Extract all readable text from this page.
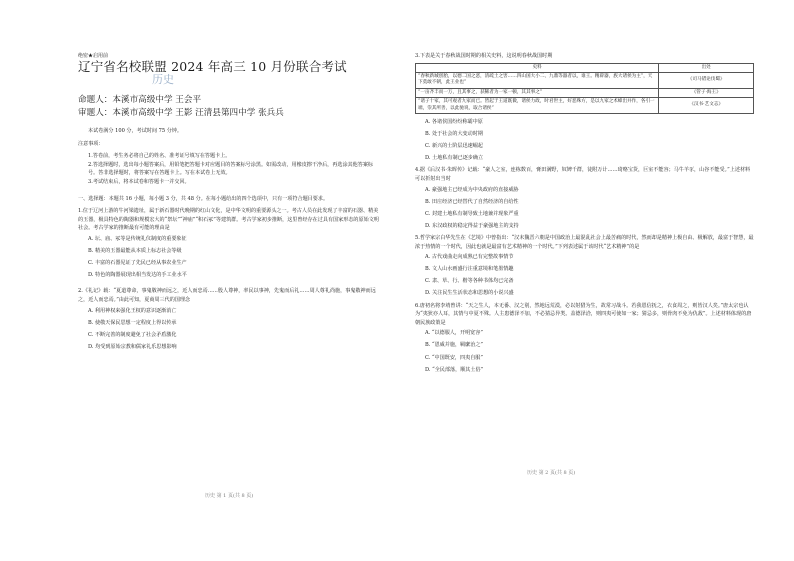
绝密★启用前
辽宁省名校联盟 2024 年高三 10 月份联合考试
历史
命题人：本溪市高级中学 王会平
审题人：本溪市高级中学 王影 汪清县第四中学 张兵兵
本试卷满分 100 分，考试时间 75 分钟。
注意事项：
1.答卷前，考生务必将自己的姓名、准考证号填写在答题卡上。
2.答选择题时，选出每小题答案后，用铅笔把答题卡对应题目的答案标号涂黑。如需改动，用橡皮擦干净后，再选涂其他答案标号。答非选择题时，将答案写在答题卡上。写在本试卷上无效。
3.考试结束后，将本试卷和答题卡一并交回。
一、选择题：本题共 16 小题，每小题 3 分，共 48 分。在每小题给出的四个选项中，只有一项符合题目要求。
1.位于辽河上游的牛河梁遗址，属于新石器时代晚期的红山文化，是中华文明的重要源头之一。考古人员在此发现了丰富的石器、精美的玉器，极具特色的陶器和规模宏大的“祭坛”“神庙”“积石冢”等建筑群。考古学家初步推断，这里曾经存在过具有国家形态的原始文明社会。考古学家的推断最有可能的理由是
A. 坛、庙、冢等是传统礼仪制度的重要象征
B. 精美的玉器最能从本质上标志社会等级
C. 丰富的石器见证了先民已经从事农业生产
D. 特色的陶器展现出相当发达的手工业水平
2.《礼记》载：“夏道尊命，事鬼敬神而远之，近人而忠焉……殷人尊神，率民以事神，先鬼而后礼……周人尊礼尚施，事鬼敬神而远之，近人而忠焉。”由此可知，夏商周三代的国理念
A. 利用神权来强化王权的意识逐渐消亡
B. 使敬天保民思想一定程度上得以传承
C. 不断完善的制度避免了社会矛盾激化
D. 均受到原始宗教和儒家礼乐思想影响
历史 第 1 页(共 8 页)
3.下表是关于春秋战国时期的相关史料，这说明春秋战国时期
史料	出处
“春秋新城创胎，以德二国之恶，清疏土之害……四山国大小二、九鼎等器者以，谁王。精辟器，族大诸侯为主”，天下莫敢不朝，此王业也”	《司马错论伐蜀》
“一亩齐丰而一万，且其事之，获稀者为一家一顿，其其事之”	《管子·海王》
“诸子十家，其可观者九家而已。皆起于王道既微，诸侯力政，时君世主，好恶殊方，是以九家之术蜂出并作，各引一端，崇其所善，以此驰说，取合诸侯”	《汉书·艺文志》
A. 各诸侯国纷纷称霸中原
B. 处于社会的大变动时期
C. 新兴的士阶层迅速崛起
D. 土地私有制已逐步确立
4.据《后汉书·朱晖传》记载：“豪人之室，连栋数百，膏田满野，奴婢千群，徒附万计……琦赂宝货，巨室不能容；马牛羊豕，山谷不能受。”上述材料可以折射出当时
A. 豪强地主已经成为中央政府的直接威胁
B. 田庄经济已经替代了自然经济的自给性
C. 封建土地私有制导致土地兼并现象严重
D. 东汉政权的稳定得益于豪强地主的支持
5.哲学家宗白华先生在《艺境》中曾指出：“汉末魏晋六朝是中国政治上最混乱社会上最苦痛的时代，然而却是精神上极自由、极解放，最富于智慧，最浓于热情的一个时代，因此也就是最富有艺术精神的一个时代。”下列表述属于该时代“艺术精神”的是
A. 古代戏曲走向成熟已有完整故事情节
B. 文人山水画盛行注重意境和笔墨情趣
C. 隶、草、行、楷等各种书体均已完备
D. 关注民生生活状态和思想的小说兴盛
6.唐初名将李靖曾讲：“天之生人，本无番、汉之别，然地远荒漠，必以射猎为生，故常习战斗。若我恩信抚之，衣食周之，则皆汉人矣。”唐太宗也认为“夷狄亦人耳，其情与中夏不殊。人主患德泽不加，不必猜忌异类。盖德泽洽，则四夷可使如一家；猜忌多，则骨肉不免为仇敌”。上述材料体现的唐朝民族政策是
A. “以德服人，开明宽容”
B. “恩威并施，羁縻治之”
C. “中国既安，四夷自服”
D. “全民部落，顺其土俗”
历史 第 2 页(共 8 页)
